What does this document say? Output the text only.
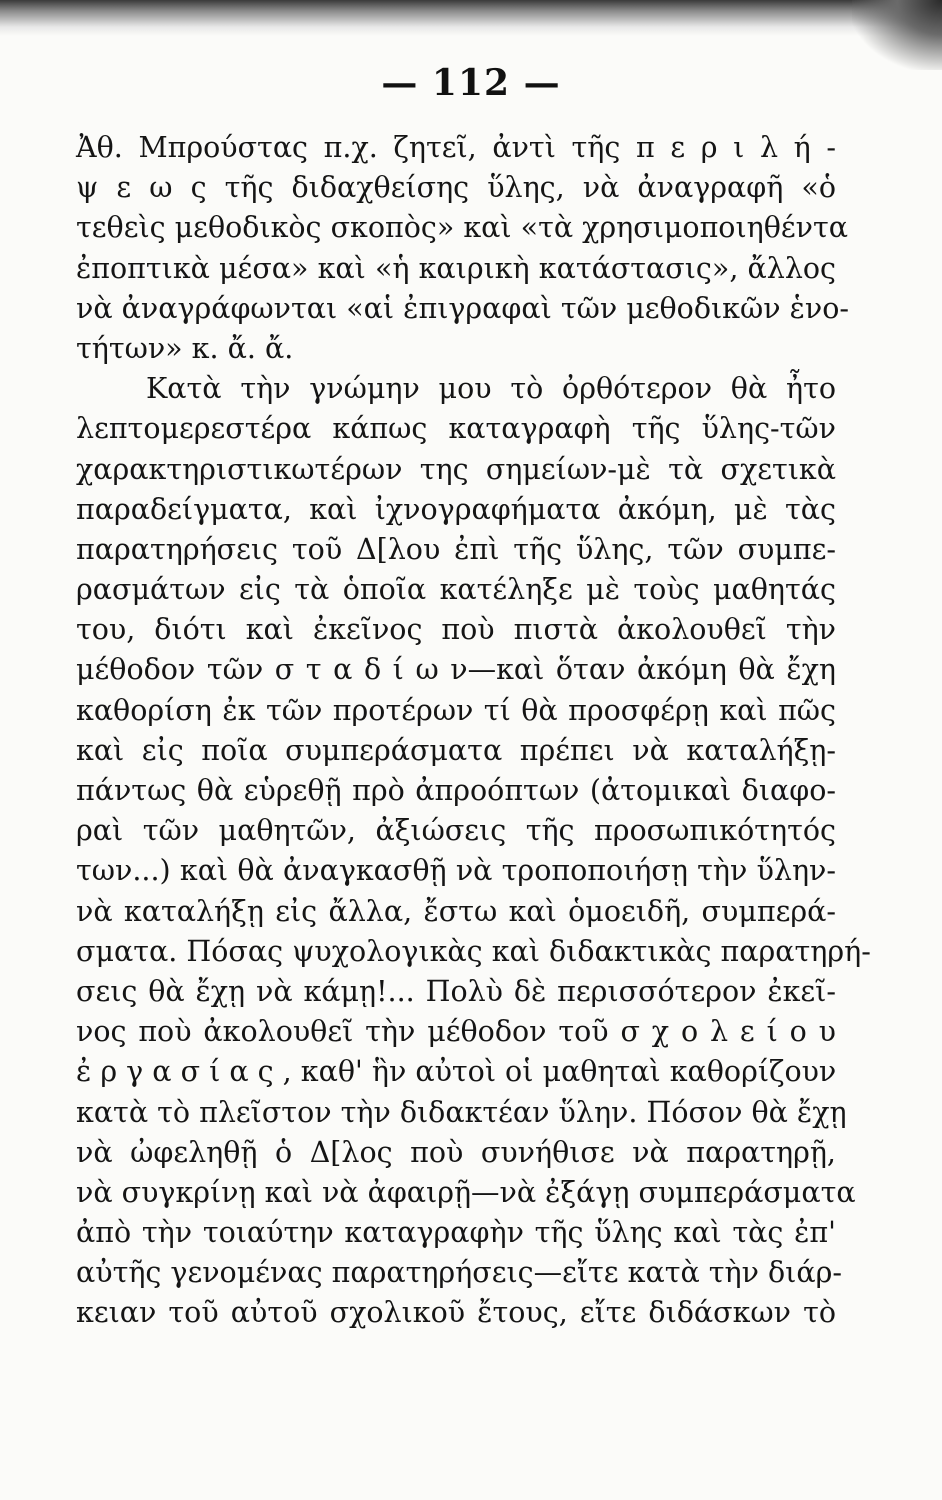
— 112 —
Ἀθ. Μπρούστας π.χ. ζητεῖ, ἀντὶ τῆς π ε ρ ι λ ή -
ψ ε ω ς τῆς διδαχθείσης ὕλης, νὰ ἀναγραφῆ «ὁ
τεθεὶς μεθοδικὸς σκοπὸς» καὶ «τὰ χρησιμοποιηθέντα
ἐποπτικὰ μέσα» καὶ «ἡ καιρικὴ κατάστασις», ἄλλος
νὰ ἀναγράφωνται «αἱ ἐπιγραφαὶ τῶν μεθοδικῶν ἑνο-
τήτων» κ. ἄ. ἄ.
Κατὰ τὴν γνώμην μου τὸ ὀρθότερον θὰ ἦτο
λεπτομερεστέρα κάπως καταγραφὴ τῆς ὕλης-τῶν
χαρακτηριστικωτέρων της σημείων-μὲ τὰ σχετικὰ
παραδείγματα, καὶ ἰχνογραφήματα ἀκόμη, μὲ τὰς
παρατηρήσεις τοῦ Δ[λου ἐπὶ τῆς ὕλης, τῶν συμπε-
ρασμάτων εἰς τὰ ὁποῖα κατέληξε μὲ τοὺς μαθητάς
του, διότι καὶ ἐκεῖνος ποὺ πιστὰ ἀκολουθεῖ τὴν
μέθοδον τῶν σ τ α δ ί ω ν—καὶ ὅταν ἀκόμη θὰ ἔχη
καθορίση ἐκ τῶν προτέρων τί θὰ προσφέρῃ καὶ πῶς
καὶ εἰς ποῖα συμπεράσματα πρέπει νὰ καταλήξῃ-
πάντως θὰ εὑρεθῇ πρὸ ἀπροόπτων (ἀτομικαὶ διαφο-
ραὶ τῶν μαθητῶν, ἀξιώσεις τῆς προσωπικότητός
των...) καὶ θὰ ἀναγκασθῇ νὰ τροποποιήσῃ τὴν ὕλην-
νὰ καταλήξῃ εἰς ἄλλα, ἔστω καὶ ὁμοειδῆ, συμπερά-
σματα. Πόσας ψυχολογικὰς καὶ διδακτικὰς παρατηρή-
σεις θὰ ἔχῃ νὰ κάμῃ!... Πολὺ δὲ περισσότερον ἐκεῖ-
νος ποὺ ἀκολουθεῖ τὴν μέθοδον τοῦ σ χ ο λ ε ί ο υ
ἐ ρ γ α σ ί α ς , καθ' ἣν αὐτοὶ οἱ μαθηταὶ καθορίζουν
κατὰ τὸ πλεῖστον τὴν διδακτέαν ὕλην. Πόσον θὰ ἔχῃ
νὰ ὠφεληθῇ ὁ Δ[λος ποὺ συνήθισε νὰ παρατηρῇ,
νὰ συγκρίνῃ καὶ νὰ ἀφαιρῇ—νὰ ἐξάγῃ συμπεράσματα
ἀπὸ τὴν τοιαύτην καταγραφὴν τῆς ὕλης καὶ τὰς ἐπ'
αὐτῆς γενομένας παρατηρήσεις—εἴτε κατὰ τὴν διάρ-
κειαν τοῦ αὐτοῦ σχολικοῦ ἔτους, εἴτε διδάσκων τὸ
